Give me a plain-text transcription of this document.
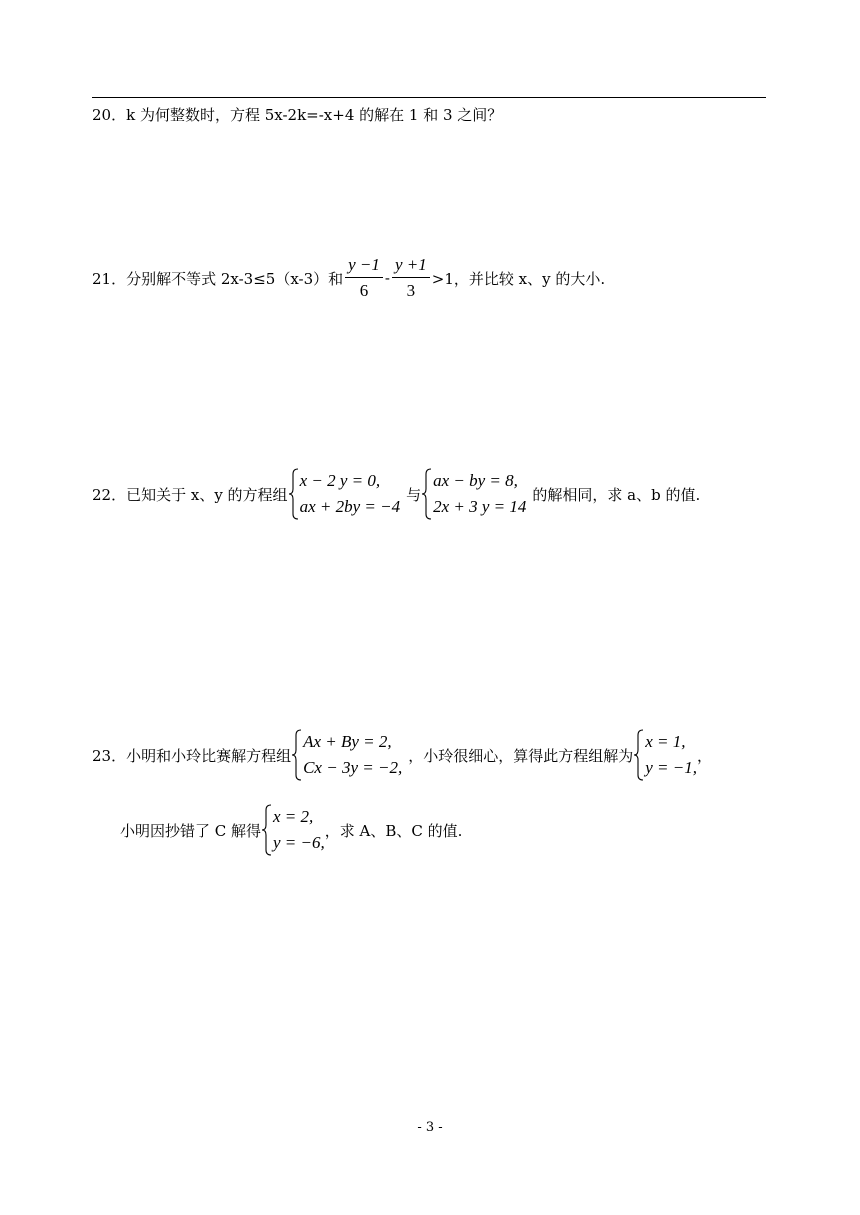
20．k 为何整数时，方程 5x-2k=-x+4 的解在 1 和 3 之间？
21．分别解不等式 2x-3≤5（x-3）和 $\frac{y -1}{6} - \frac{y +1}{3} >1$，并比较 x、y 的大小.
22．已知关于 x、y 的方程组
x − 2 y = 0,
ax + 2by = −4
与
ax − by = 8,
2x + 3 y = 14
的解相同，求 a、b 的值.
23．小明和小玲比赛解方程组
Ax + By = 2,
Cx − 3y = −2,
，小玲很细心，算得此方程组解为
x = 1,
y = −1,
，
小明因抄错了 C 解得
x = 2,
y = −6,
，求 A、B、C 的值.
- 3 -
